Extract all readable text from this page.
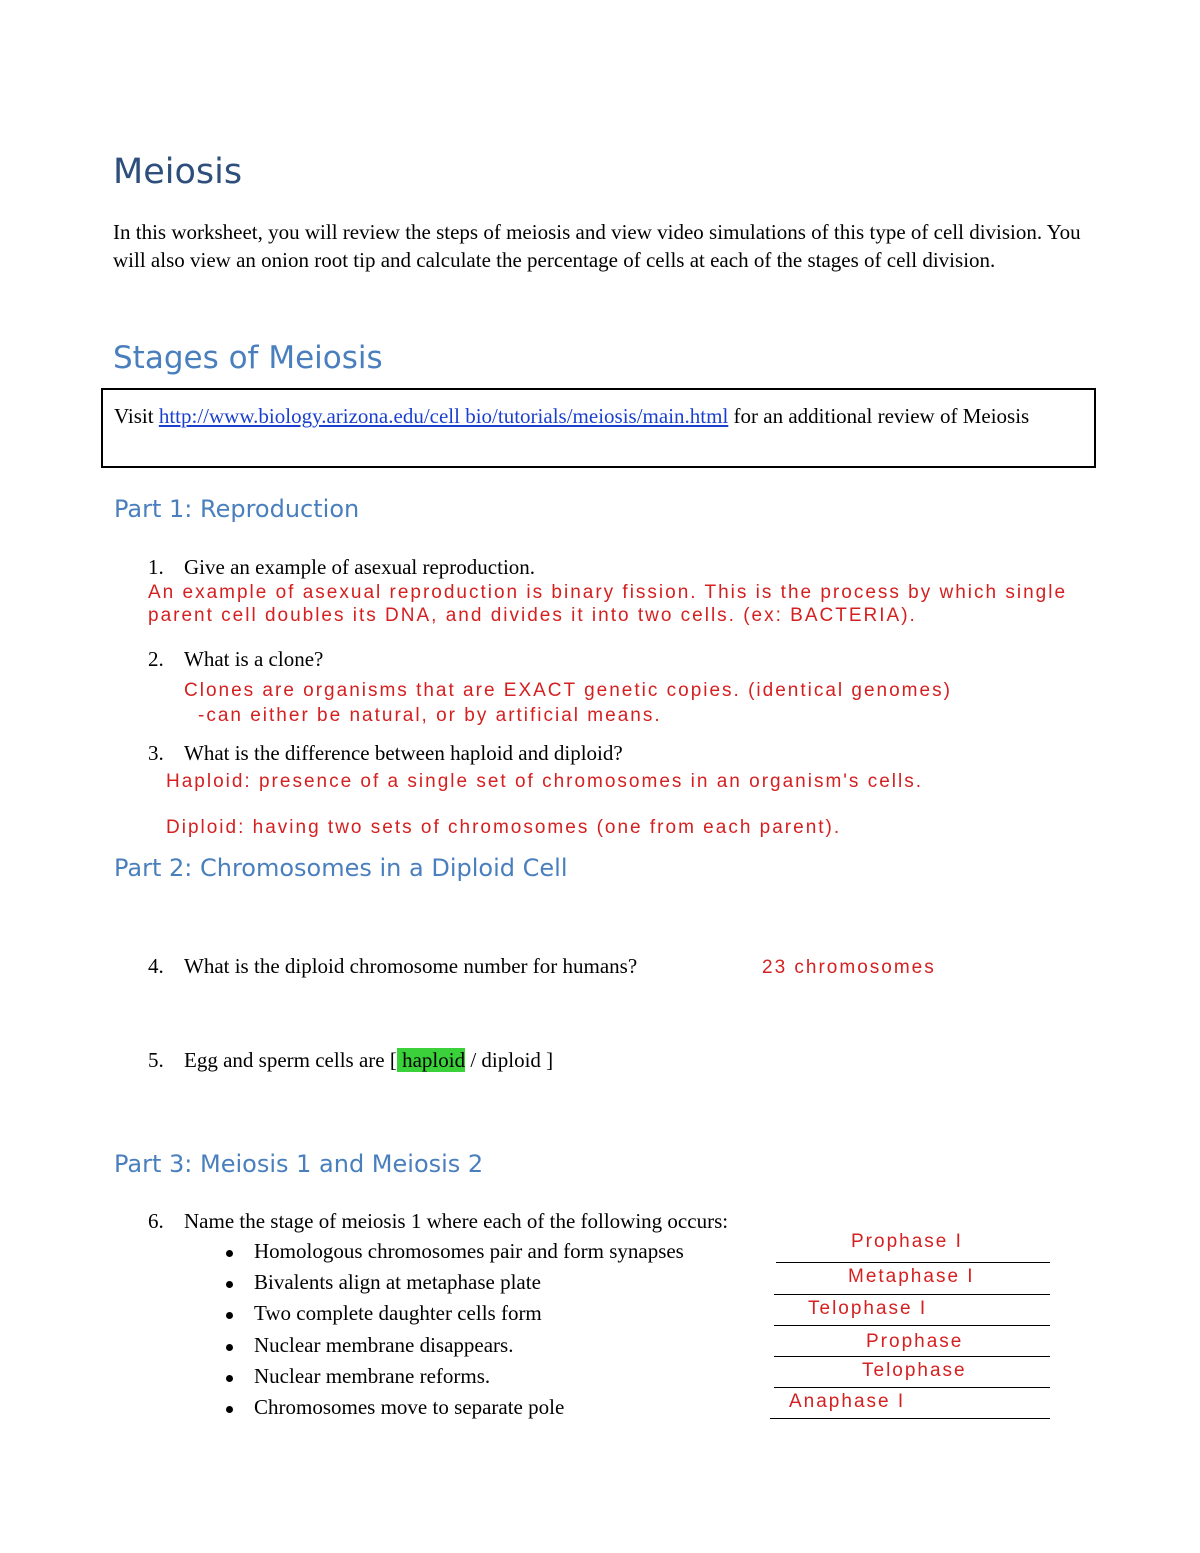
Meiosis
In this worksheet, you will review the steps of meiosis and view video simulations of this type of cell division. You will also view an onion root tip and calculate the percentage of cells at each of the stages of cell division.
Stages of Meiosis
Visit http://www.biology.arizona.edu/cell bio/tutorials/meiosis/main.html for an additional review of Meiosis
Part 1: Reproduction
1. Give an example of asexual reproduction.
An example of asexual reproduction is binary fission. This is the process by which single
parent cell doubles its DNA, and divides it into two cells. (ex: BACTERIA).
2. What is a clone?
Clones are organisms that are EXACT genetic copies. (identical genomes)
-can either be natural, or by artificial means.
3. What is the difference between haploid and diploid?
Haploid: presence of a single set of chromosomes in an organism's cells.
Diploid: having two sets of chromosomes (one from each parent).
Part 2: Chromosomes in a Diploid Cell
4. What is the diploid chromosome number for humans?	23 chromosomes
5. Egg and sperm cells are [ haploid / diploid ]
Part 3: Meiosis 1 and Meiosis 2
6. Name the stage of meiosis 1 where each of the following occurs:
Homologous chromosomes pair and form synapses	Prophase I
Bivalents align at metaphase plate	Metaphase I
Two complete daughter cells form	Telophase I
Nuclear membrane disappears.	Prophase
Nuclear membrane reforms.	Telophase
Chromosomes move to separate pole	Anaphase I
